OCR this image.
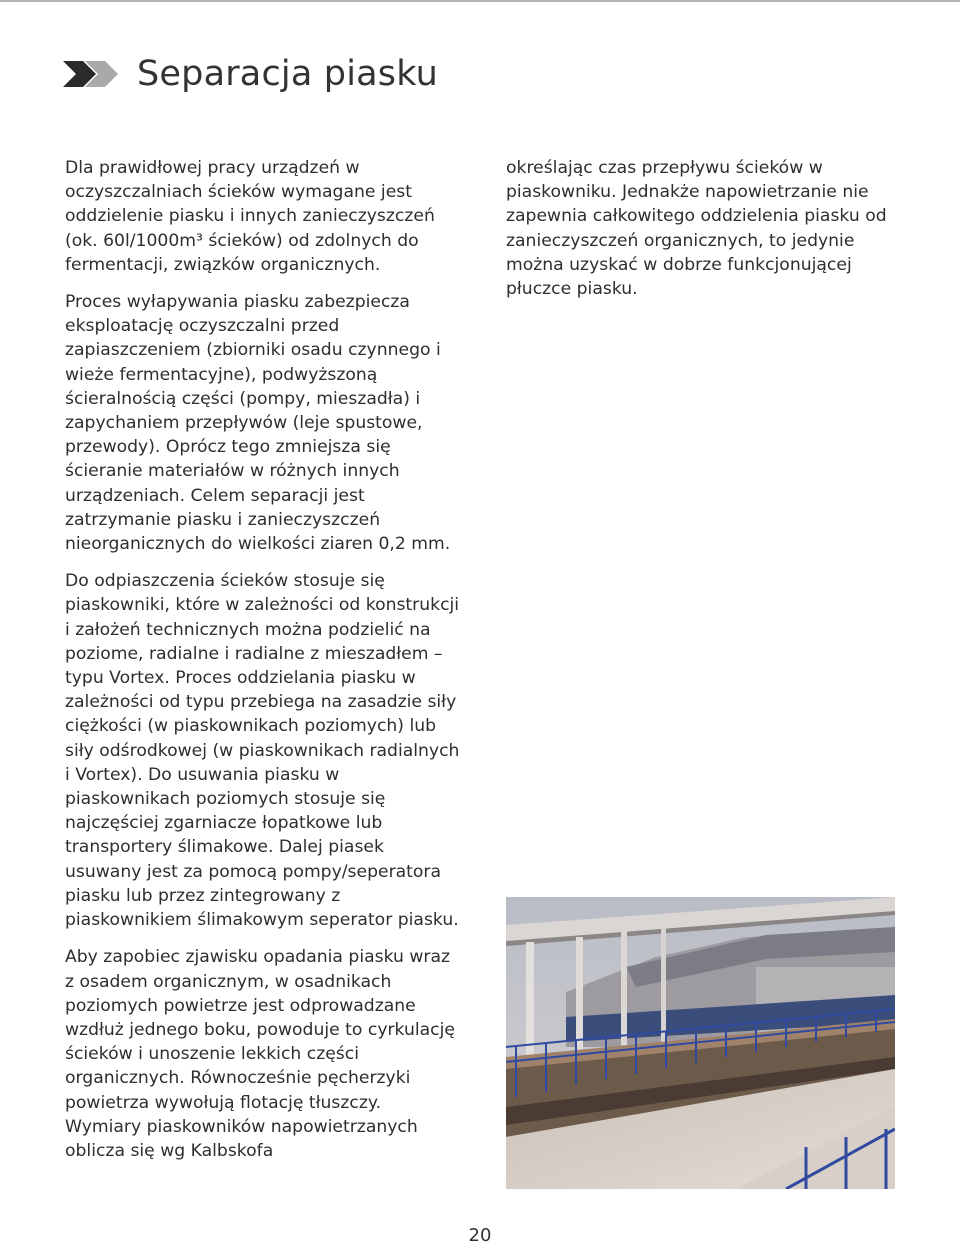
Separacja piasku

Dla prawidłowej pracy urządzeń w oczyszczalniach ścieków wymagane jest oddzielenie piasku i innych zanieczyszczeń (ok. 60l/1000m³ ścieków) od zdolnych do fermentacji, związków organicznych.

Proces wyłapywania piasku zabezpiecza eksploatację oczyszczalni przed zapiaszczeniem (zbiorniki osadu czynnego i wieże fermentacyjne), podwyższoną ścieralnością części (pompy, mieszadła) i zapychaniem przepływów (leje spustowe, przewody). Oprócz tego zmniejsza się ścieranie materiałów w różnych innych urządzeniach. Celem separacji jest zatrzymanie piasku i zanieczyszczeń nieorganicznych do wielkości ziaren 0,2 mm.

Do odpiaszczenia ścieków stosuje się piaskowniki, które w zależności od konstrukcji i założeń technicznych można podzielić na poziome, radialne i radialne z mieszadłem – typu Vortex. Proces oddzielania piasku w zależności od typu przebiega na zasadzie siły ciężkości (w piaskownikach poziomych) lub siły odśrodkowej (w piaskownikach radialnych i Vortex). Do usuwania piasku w piaskownikach poziomych stosuje się najczęściej zgarniacze łopatkowe lub transportery ślimakowe. Dalej piasek usuwany jest za pomocą pompy/seperatora piasku lub przez zintegrowany z piaskownikiem ślimakowym seperator piasku.

Aby zapobiec zjawisku opadania piasku wraz z osadem organicznym, w osadnikach poziomych powietrze jest odprowadzane wzdłuż jednego boku, powoduje to cyrkulację ścieków i unoszenie lekkich części organicznych. Równocześnie pęcherzyki powietrza wywołują flotację tłuszczy. Wymiary piaskowników napowietrzanych oblicza się wg Kalbskofa

określając czas przepływu ścieków w piaskowniku. Jednakże napowietrzanie nie zapewnia całkowitego oddzielenia piasku od zanieczyszczeń organicznych, to jedynie można uzyskać w dobrze funkcjonującej płuczce piasku.

20
